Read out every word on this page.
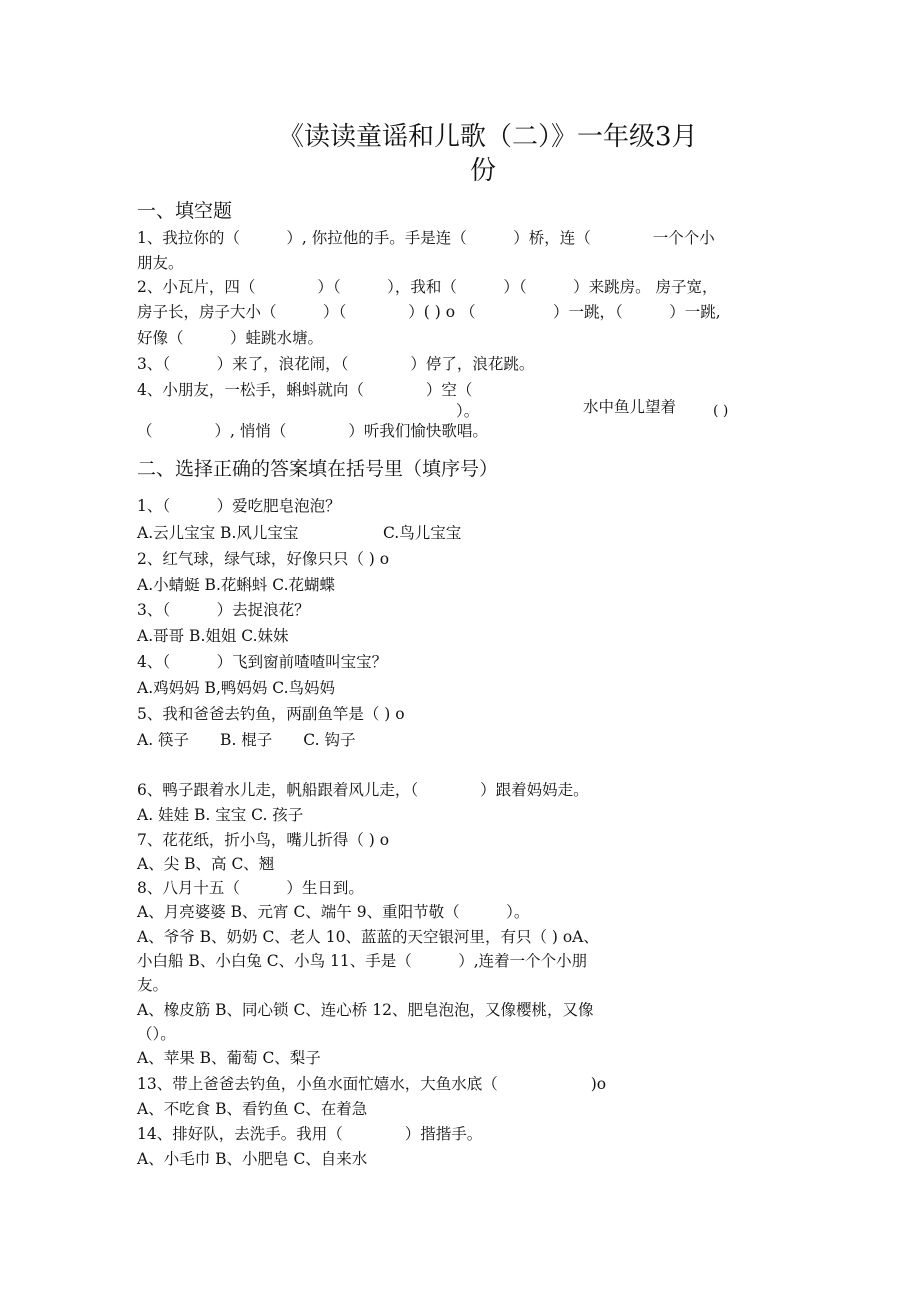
《读读童谣和儿歌（二）》一年级3月
份
一、填空题
1、我拉你的（　　　）, 你拉他的手。手是连（　　　）桥，连（　　　　一个个小
朋友。
2、小瓦片，四（　　　　）（　　　），我和（　　　）（　　　）来跳房。 房子宽，
房子长，房子大小（　　　）（　　　　）( ) o （　　　　　）一跳，（　　　）一跳,
好像（　　　）蛙跳水塘。
3、（　　　）来了，浪花闹，（　　　　）停了，浪花跳。
4、小朋友，一松手，蝌蚪就向（　　　　）空（
）。	水中鱼儿望着	( )
（　　　　）, 悄悄（　　　　）听我们愉快歌唱。
二、选择正确的答案填在括号里（填序号）
1、（　　　）爱吃肥皂泡泡？
A.云儿宝宝 B.风儿宝宝	C.鸟儿宝宝
2、红气球，绿气球，好像只只（ ) o
A.小蜻蜓 B.花蝌蚪 C.花蝴蝶
3、（　　　）去捉浪花？
A.哥哥 B.姐姐 C.妹妹
4、（　　　）飞到窗前喳喳叫宝宝？
A.鸡妈妈 B,鸭妈妈 C.鸟妈妈
5、我和爸爸去钓鱼，两副鱼竿是（ ) o
A. 筷子　　B. 棍子　　C. 钩子
6、鸭子跟着水儿走，帆船跟着风儿走，（　　　　）跟着妈妈走。
A. 娃娃 B. 宝宝 C. 孩子
7、花花纸，折小鸟，嘴儿折得（ ) o
A、尖 B、高 C、翘
8、八月十五（　　　）生日到。
A、月亮婆婆 B、元宵 C、端午 9、重阳节敬（　　　）。
A、爷爷 B、奶奶 C、老人 10、蓝蓝的天空银河里，有只（ ) oA、
小白船 B、小白兔 C、小鸟 11、手是（　　　）,连着一个个小朋
友。
A、橡皮筋 B、同心锁 C、连心桥 12、肥皂泡泡，又像樱桃，又像
（）。
A、苹果 B、葡萄 C、梨子
13、带上爸爸去钓鱼，小鱼水面忙嬉水，大鱼水底（　　　　　　)o
A、不吃食 B、看钓鱼 C、在着急
14、排好队，去洗手。我用（　　　　）揩揩手。
A、小毛巾 B、小肥皂 C、自来水
